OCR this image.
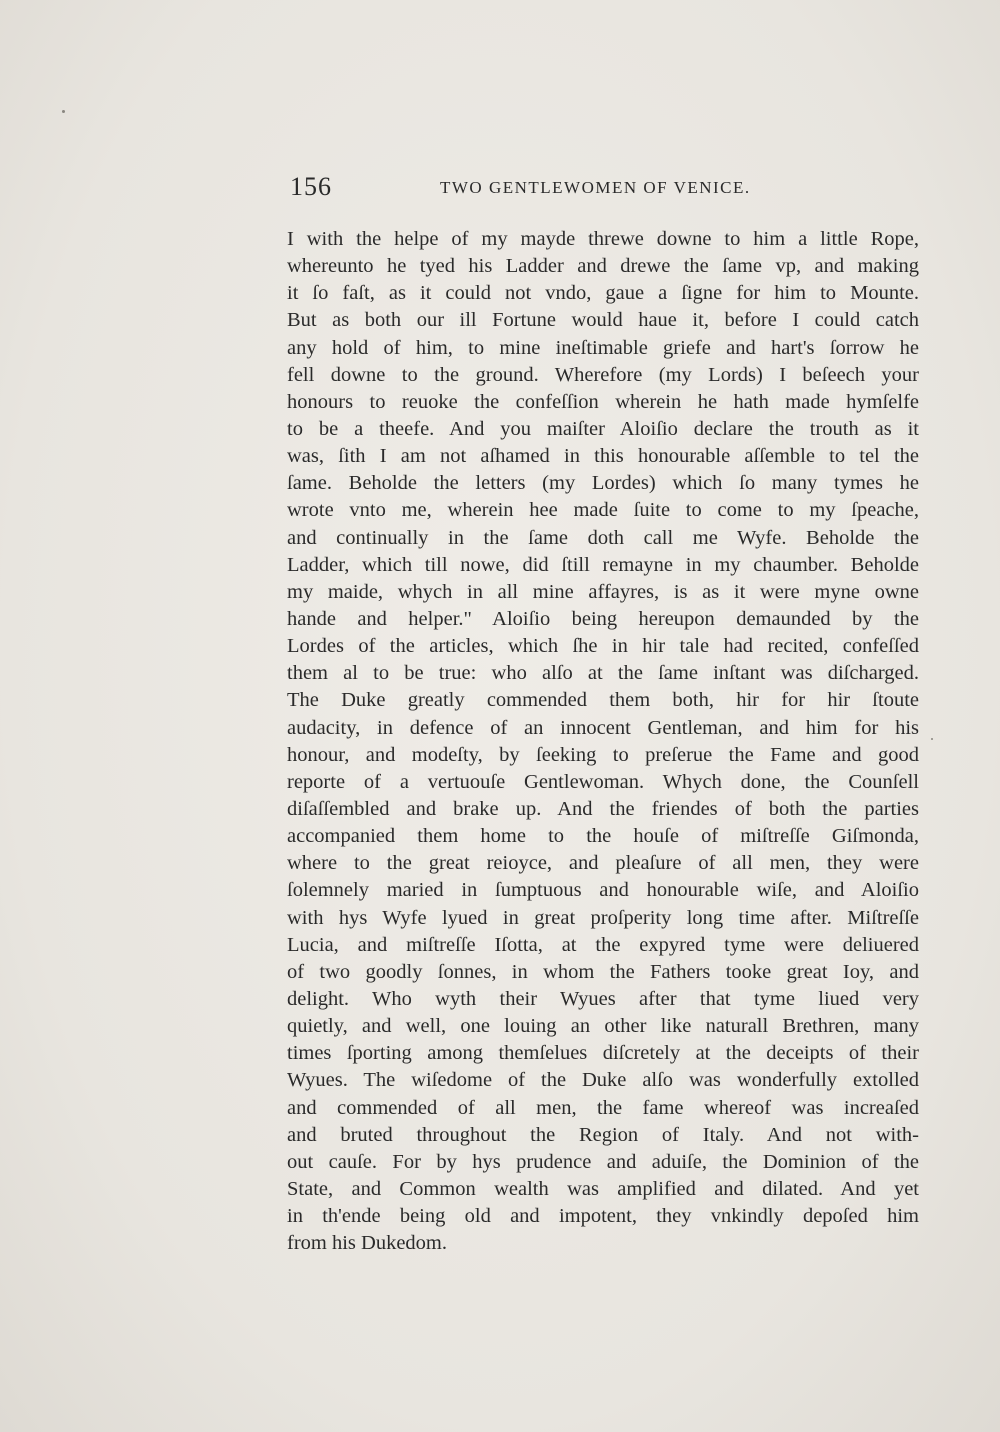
156	TWO GENTLEWOMEN OF VENICE.
I with the helpe of my mayde threwe downe to him a little Rope,
whereunto he tyed his Ladder and drewe the ſame vp, and making
it ſo faſt, as it could not vndo, gaue a ſigne for him to Mounte.
But as both our ill Fortune would haue it, before I could catch
any hold of him, to mine ineſtimable griefe and hart's ſorrow he
fell downe to the ground. Wherefore (my Lords) I beſeech your
honours to reuoke the confeſſion wherein he hath made hymſelfe
to be a theefe. And you maiſter Aloiſio declare the trouth as it
was, ſith I am not aſhamed in this honourable aſſemble to tel the
ſame. Beholde the letters (my Lordes) which ſo many tymes he
wrote vnto me, wherein hee made ſuite to come to my ſpeache,
and continually in the ſame doth call me Wyfe. Beholde the
Ladder, which till nowe, did ſtill remayne in my chaumber. Beholde
my maide, whych in all mine affayres, is as it were myne owne
hande and helper." Aloiſio being hereupon demaunded by the
Lordes of the articles, which ſhe in hir tale had recited, confeſſed
them al to be true: who alſo at the ſame inſtant was diſcharged.
The Duke greatly commended them both, hir for hir ſtoute
audacity, in defence of an innocent Gentleman, and him for his
honour, and modeſty, by ſeeking to preſerue the Fame and good
reporte of a vertuouſe Gentlewoman. Whych done, the Counſell
diſaſſembled and brake up. And the friendes of both the parties
accompanied them home to the houſe of miſtreſſe Giſmonda,
where to the great reioyce, and pleaſure of all men, they were
ſolemnely maried in ſumptuous and honourable wiſe, and Aloiſio
with hys Wyfe lyued in great proſperity long time after. Miſtreſſe
Lucia, and miſtreſſe Iſotta, at the expyred tyme were deliuered
of two goodly ſonnes, in whom the Fathers tooke great Ioy, and
delight. Who wyth their Wyues after that tyme liued very
quietly, and well, one louing an other like naturall Brethren, many
times ſporting among themſelues diſcretely at the deceipts of their
Wyues. The wiſedome of the Duke alſo was wonderfully extolled
and commended of all men, the fame whereof was increaſed
and bruted throughout the Region of Italy. And not with-
out cauſe. For by hys prudence and aduiſe, the Dominion of the
State, and Common wealth was amplified and dilated. And yet
in th'ende being old and impotent, they vnkindly depoſed him
from his Dukedom.
